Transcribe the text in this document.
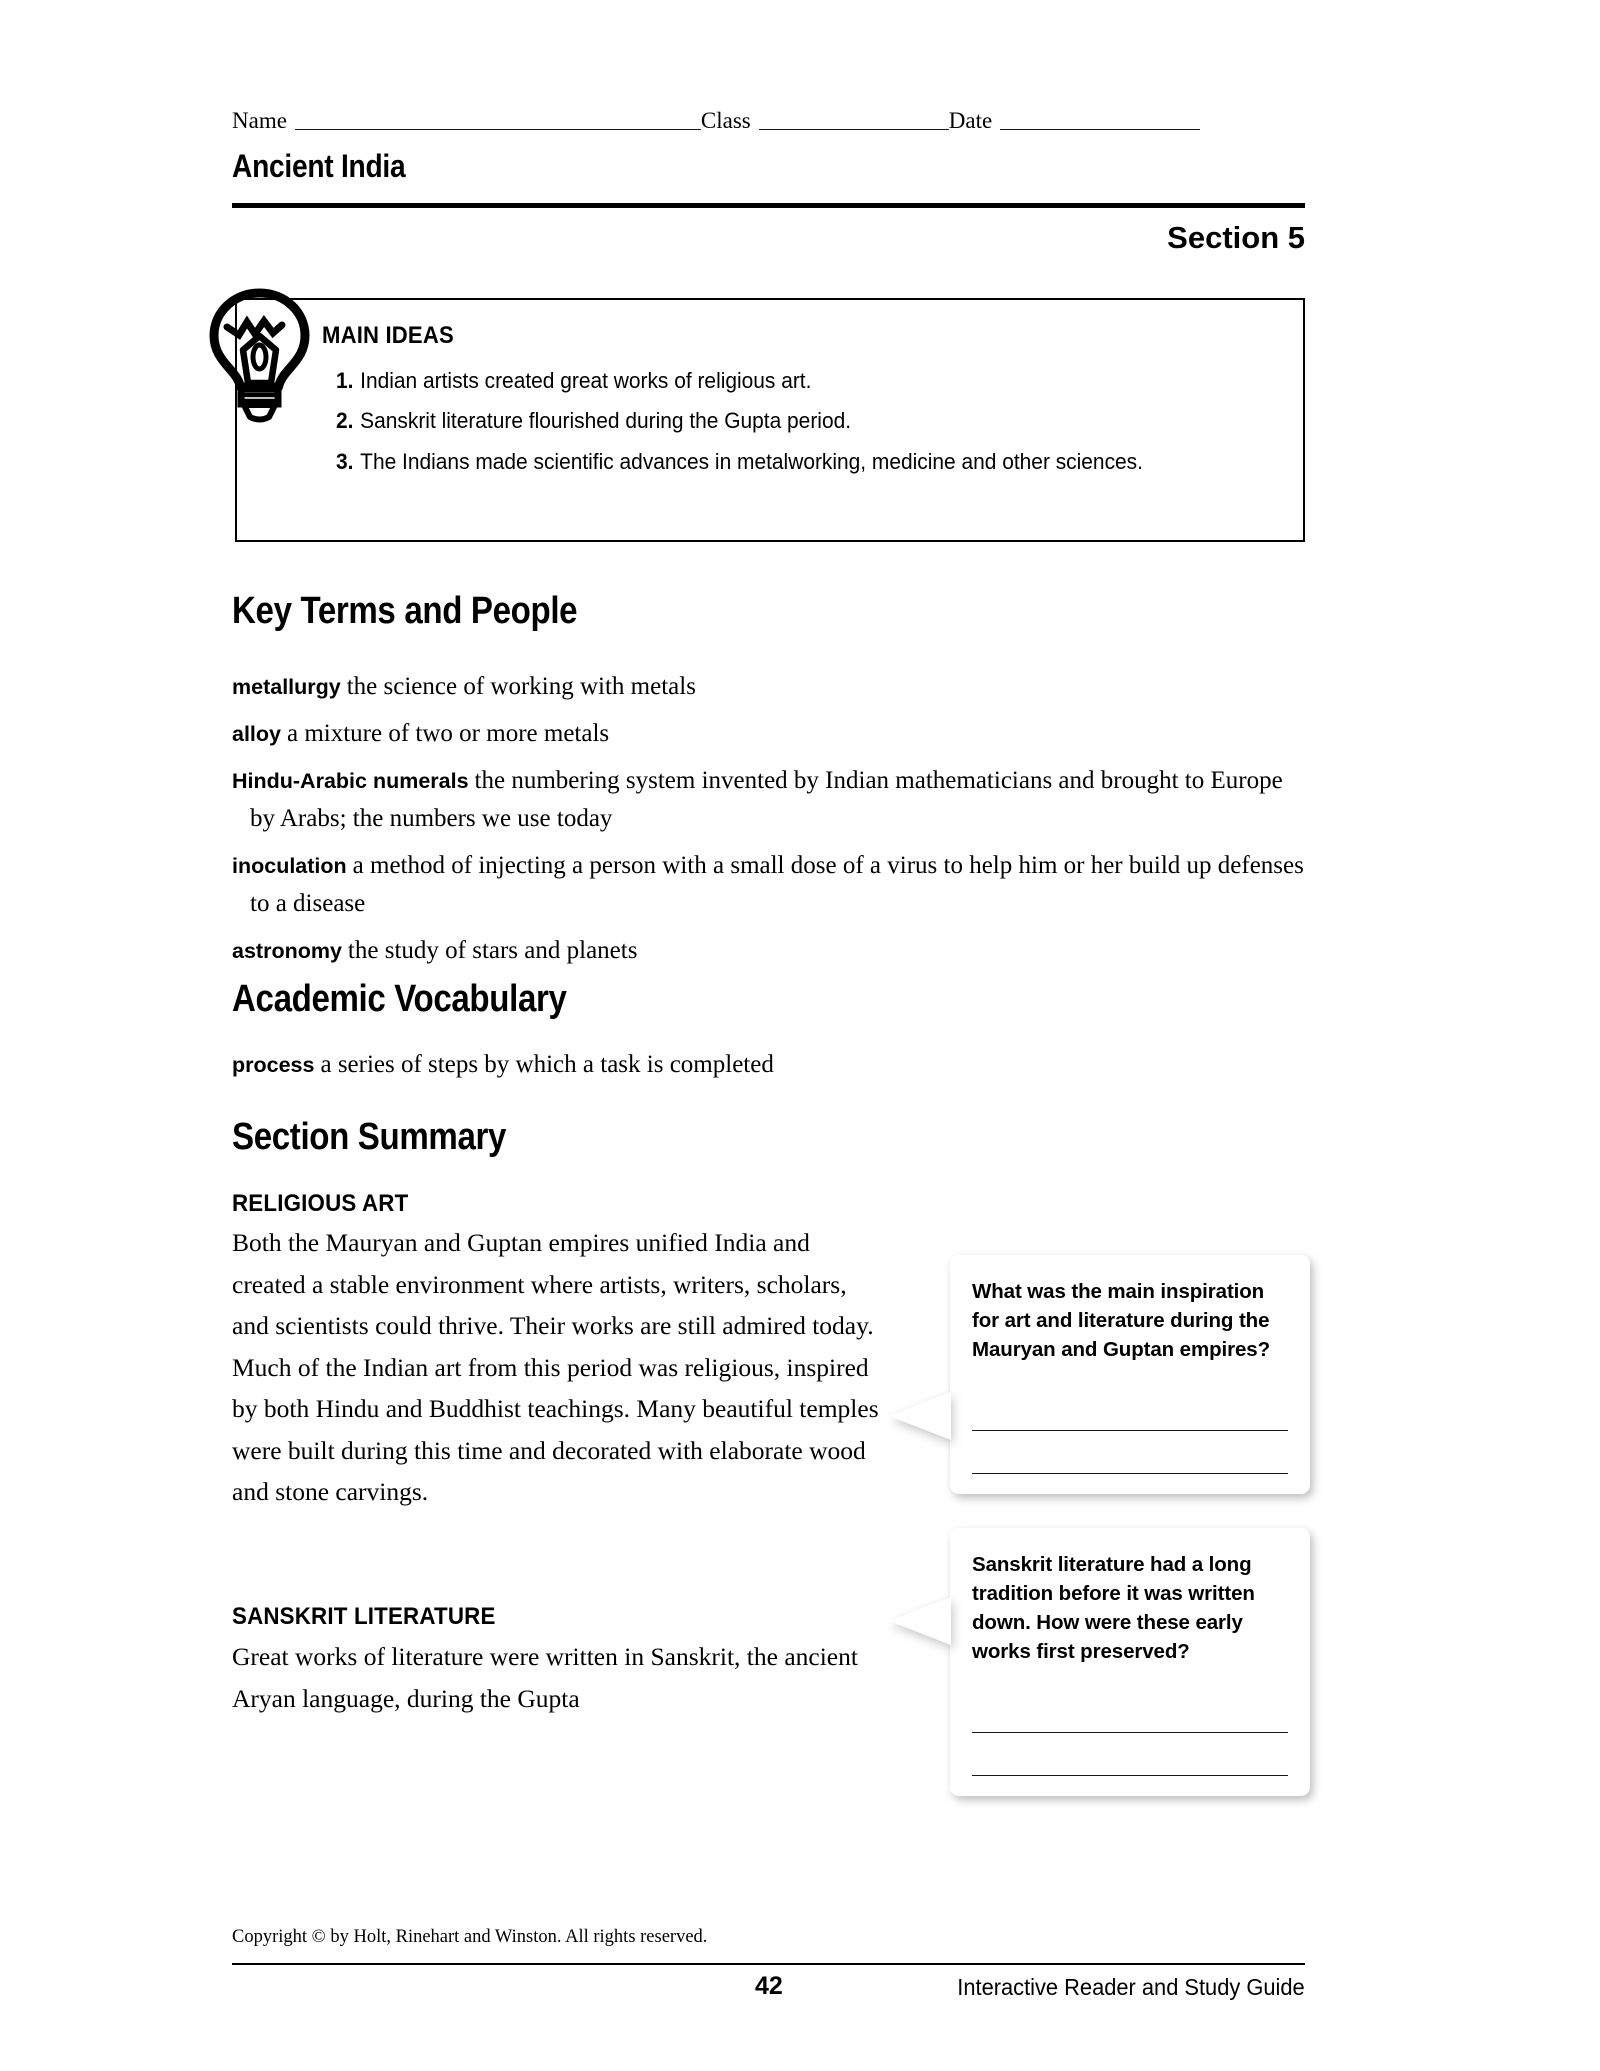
Name	Class	Date
Ancient India
Section 5
MAIN IDEAS
1. Indian artists created great works of religious art.
2. Sanskrit literature flourished during the Gupta period.
3. The Indians made scientific advances in metalworking, medicine and other sciences.
Key Terms and People
metallurgy the science of working with metals
alloy a mixture of two or more metals
Hindu-Arabic numerals the numbering system invented by Indian mathematicians and brought to Europe by Arabs; the numbers we use today
inoculation a method of injecting a person with a small dose of a virus to help him or her build up defenses to a disease
astronomy the study of stars and planets
Academic Vocabulary
process a series of steps by which a task is completed
Section Summary
RELIGIOUS ART
Both the Mauryan and Guptan empires unified India and created a stable environment where artists, writers, scholars, and scientists could thrive. Their works are still admired today. Much of the Indian art from this period was religious, inspired by both Hindu and Buddhist teachings. Many beautiful temples were built during this time and decorated with elaborate wood and stone carvings.
SANSKRIT LITERATURE
Great works of literature were written in Sanskrit, the ancient Aryan language, during the Gupta
What was the main inspiration for art and literature during the Mauryan and Guptan empires?
Sanskrit literature had a long tradition before it was written down. How were these early works first preserved?
Copyright © by Holt, Rinehart and Winston. All rights reserved.
42	Interactive Reader and Study Guide
